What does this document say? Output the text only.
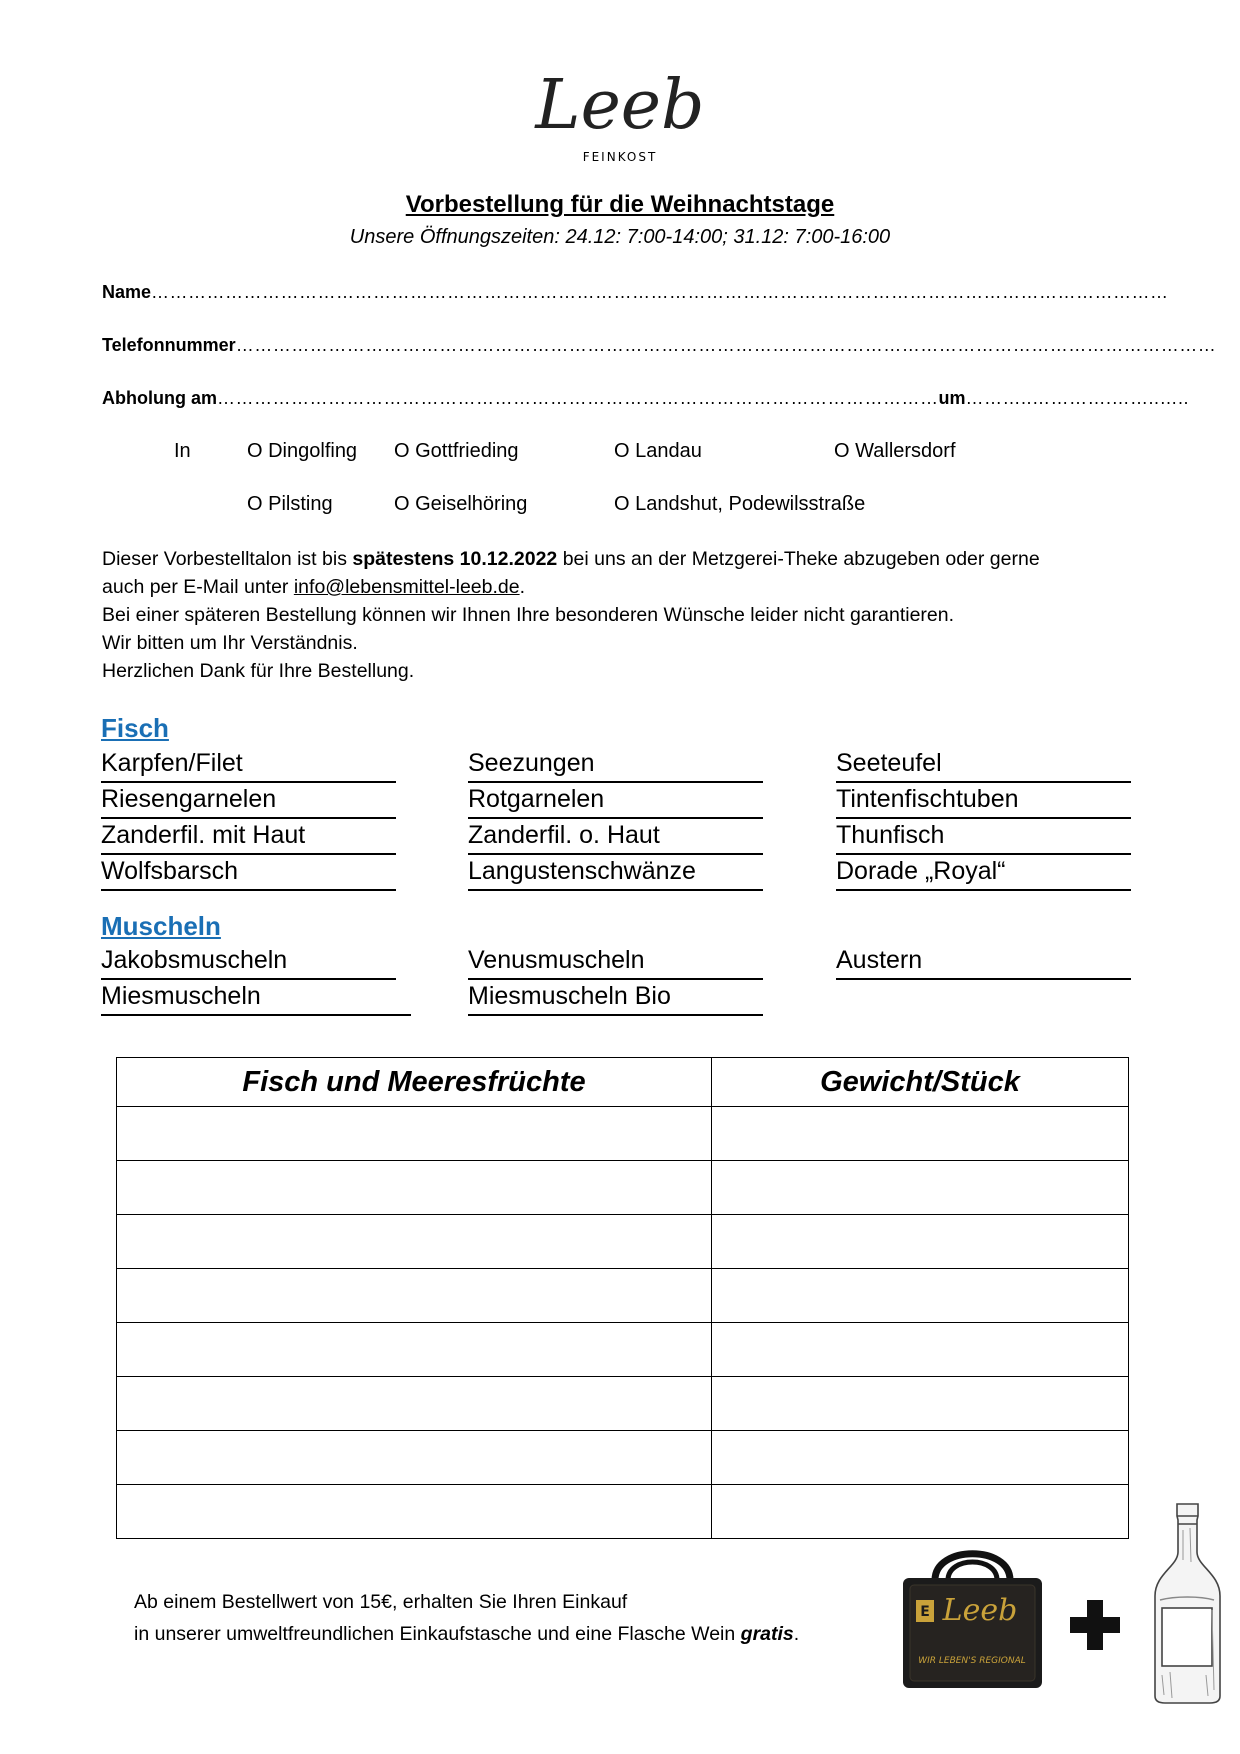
Leeb
FEINKOST
Vorbestellung für die Weihnachtstage
Unsere Öffnungszeiten: 24.12: 7:00-14:00; 31.12: 7:00-16:00
Name…………………………………………………………………………………………………………………………………………………
Telefonnummer……………………………………………………………………………………………………………………………………………
Abholung am………………………………………………………………………………………………………um………..………….……..…..
In	O Dingolfing O Gottfrieding	O Landau	O Wallersdorf
O Pilsting	O Geiselhöring	O Landshut, Podewilsstraße

Dieser Vorbestelltalon ist bis spätestens 10.12.2022 bei uns an der Metzgerei-Theke abzugeben oder gerne

auch per E-Mail unter info@lebensmittel-leeb.de.

Bei einer späteren Bestellung können wir Ihnen Ihre besonderen Wünsche leider nicht garantieren.

Wir bitten um Ihr Verständnis.

Herzlichen Dank für Ihre Bestellung.

Fisch
Karpfen/Filet	Seezungen	Seeteufel
Riesengarnelen	Rotgarnelen	Tintenfischtuben
Zanderfil. mit Haut	Zanderfil. o. Haut	Thunfisch
Wolfsbarsch	Langustenschwänze	Dorade „Royal“
Muscheln
Jakobsmuscheln	Venusmuscheln	Austern
Miesmuscheln	Miesmuscheln Bio
Fisch und Meeresfrüchte	Gewicht/Stück

Ab einem Bestellwert von 15€, erhalten Sie Ihren Einkauf

in unserer umweltfreundlichen Einkaufstasche und eine Flasche Wein gratis.

E Leeb
WIR LEBEN'S REGIONAL
